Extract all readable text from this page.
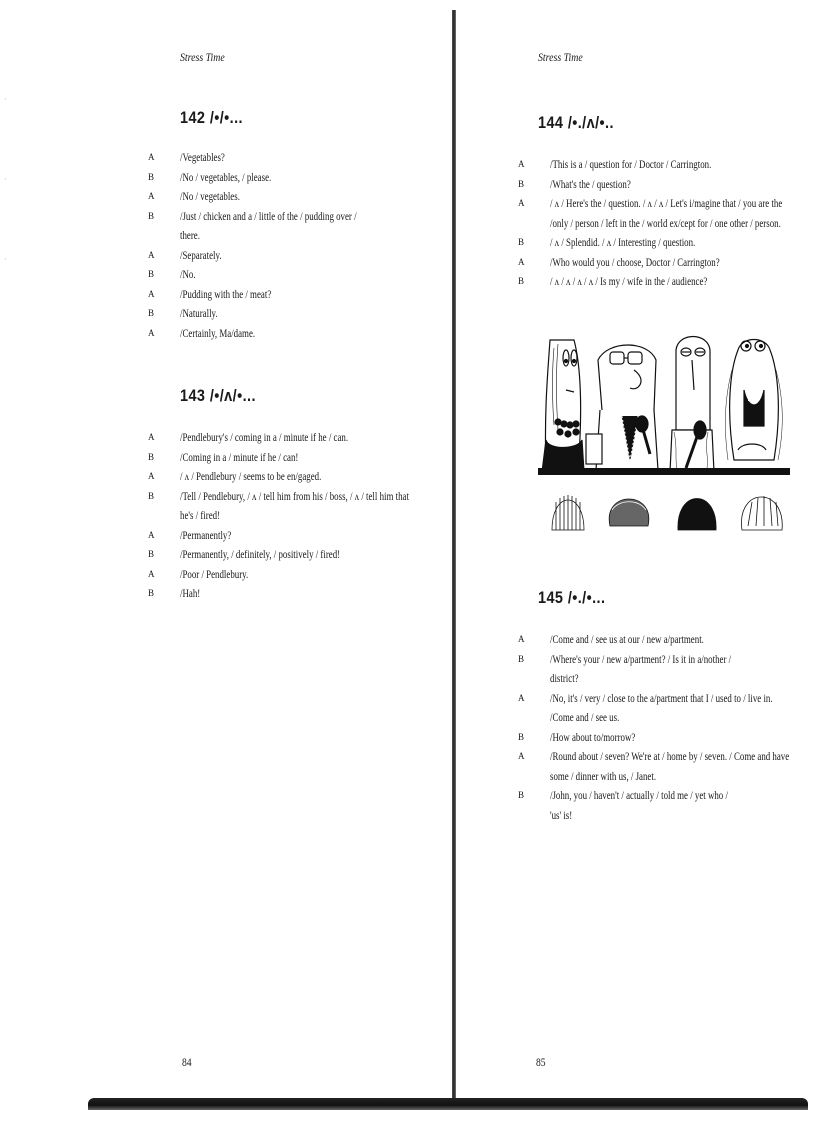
·
·
·
Stress Time
142 /•/•...
A /Vegetables?
B /No / vegetables, / please.
A /No / vegetables.
B /Just / chicken and a / little of the / pudding over / there.
A /Separately.
B /No.
A /Pudding with the / meat?
B /Naturally.
A /Certainly, Ma/dame.
143 /•/ʌ/•...
A /Pendlebury's / coming in a / minute if he / can.
B /Coming in a / minute if he / can!
A / ʌ / Pendlebury / seems to be en/gaged.
B /Tell / Pendlebury, / ʌ / tell him from his / boss, / ʌ / tell him that he's / fired!
A /Permanently?
B /Permanently, / definitely, / positively / fired!
A /Poor / Pendlebury.
B /Hah!
84
Stress Time
144 /•./ʌ/•..
A /This is a / question for / Doctor / Carrington.
B /What's the / question?
A / ʌ / Here's the / question. / ʌ / ʌ / Let's i/magine that / you are the /only / person / left in the / world ex/cept for / one other / person.
B / ʌ / Splendid. / ʌ / Interesting / question.
A /Who would you / choose, Doctor / Carrington?
B / ʌ / ʌ / ʌ / ʌ / Is my / wife in the / audience?
145 /•./•...
A /Come and / see us at our / new a/partment.
B /Where's your / new a/partment? / Is it in a/nother / district?
A /No, it's / very / close to the a/partment that I / used to / live in. /Come and / see us.
B /How about to/morrow?
A /Round about / seven? We're at / home by / seven. / Come and have some / dinner with us, / Janet.
B /John, you / haven't / actually / told me / yet who / 'us' is!
85
